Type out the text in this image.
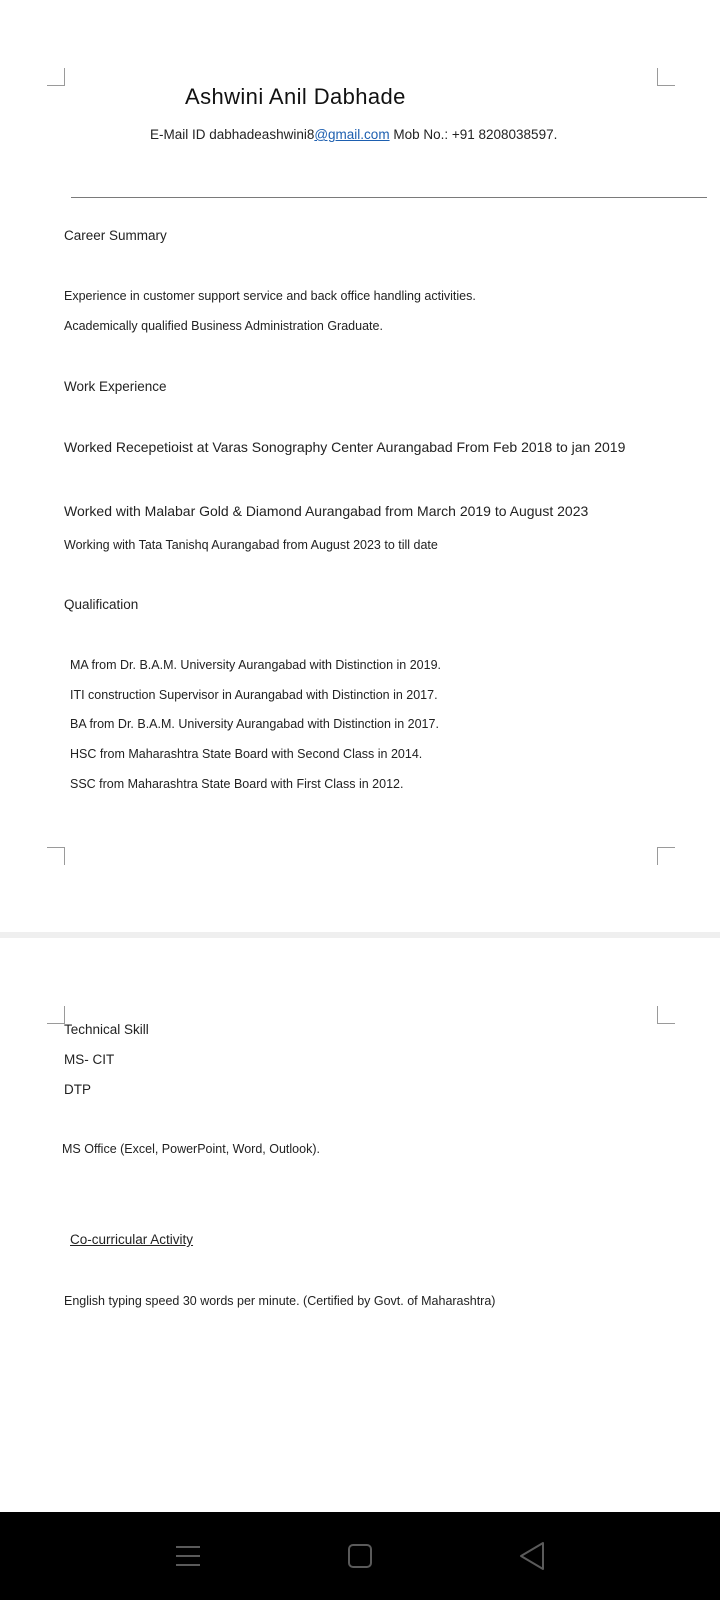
Ashwini Anil Dabhade
E-Mail ID dabhadeashwini8@gmail.com Mob No.: +91 8208038597.
Career Summary
Experience in customer support service and back office handling activities.
Academically qualified Business Administration Graduate.
Work Experience
Worked Recepetioist at Varas Sonography Center Aurangabad From Feb 2018 to jan 2019
Worked with Malabar Gold & Diamond Aurangabad from March 2019 to August 2023
Working with Tata Tanishq Aurangabad from August 2023 to till date
Qualification
MA from Dr. B.A.M. University Aurangabad with Distinction in 2019.
ITI construction Supervisor in Aurangabad with Distinction in 2017.
BA from Dr. B.A.M. University Aurangabad with Distinction in 2017.
HSC from Maharashtra State Board with Second Class in 2014.
SSC from Maharashtra State Board with First Class in 2012.
Technical Skill
MS- CIT
DTP
MS Office (Excel, PowerPoint, Word, Outlook).
Co-curricular Activity
English typing speed 30 words per minute. (Certified by Govt. of Maharashtra)
